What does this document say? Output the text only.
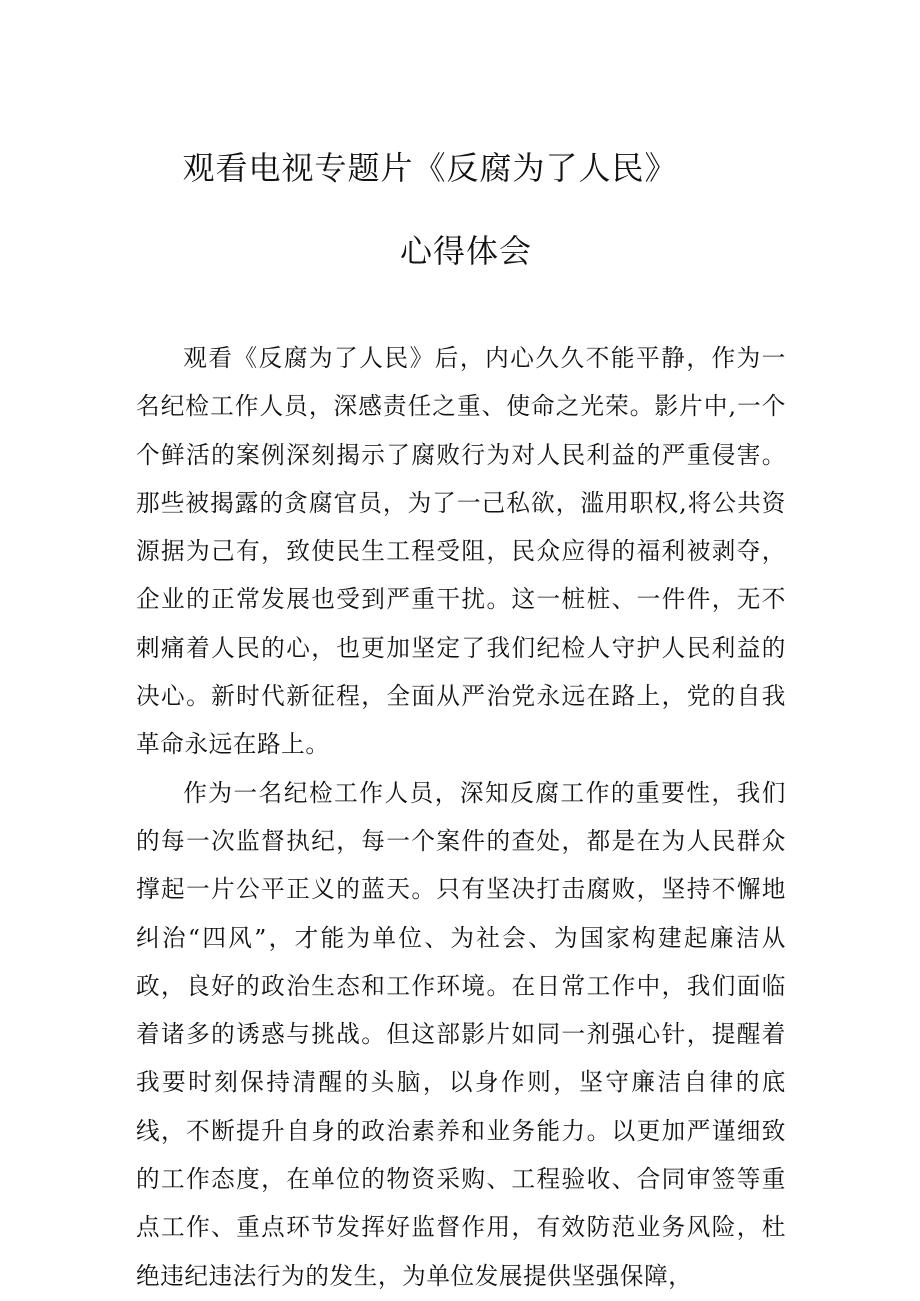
观看电视专题片《反腐为了人民》
心得体会

观看《反腐为了人民》后，内心久久不能平静，作为一名纪检工作人员，深感责任之重、使命之光荣。影片中,一个个鲜活的案例深刻揭示了腐败行为对人民利益的严重侵害。那些被揭露的贪腐官员，为了一己私欲，滥用职权,将公共资源据为己有，致使民生工程受阻，民众应得的福利被剥夺，企业的正常发展也受到严重干扰。这一桩桩、一件件，无不刺痛着人民的心，也更加坚定了我们纪检人守护人民利益的决心。新时代新征程，全面从严治党永远在路上，党的自我革命永远在路上。

作为一名纪检工作人员，深知反腐工作的重要性，我们的每一次监督执纪，每一个案件的查处，都是在为人民群众撑起一片公平正义的蓝天。只有坚决打击腐败，坚持不懈地纠治“四风”，才能为单位、为社会、为国家构建起廉洁从政，良好的政治生态和工作环境。在日常工作中，我们面临着诸多的诱惑与挑战。但这部影片如同一剂强心针，提醒着我要时刻保持清醒的头脑，以身作则，坚守廉洁自律的底线，不断提升自身的政治素养和业务能力。以更加严谨细致的工作态度，在单位的物资采购、工程验收、合同审签等重点工作、重点环节发挥好监督作用，有效防范业务风险，杜绝违纪违法行为的发生，为单位发展提供坚强保障，
